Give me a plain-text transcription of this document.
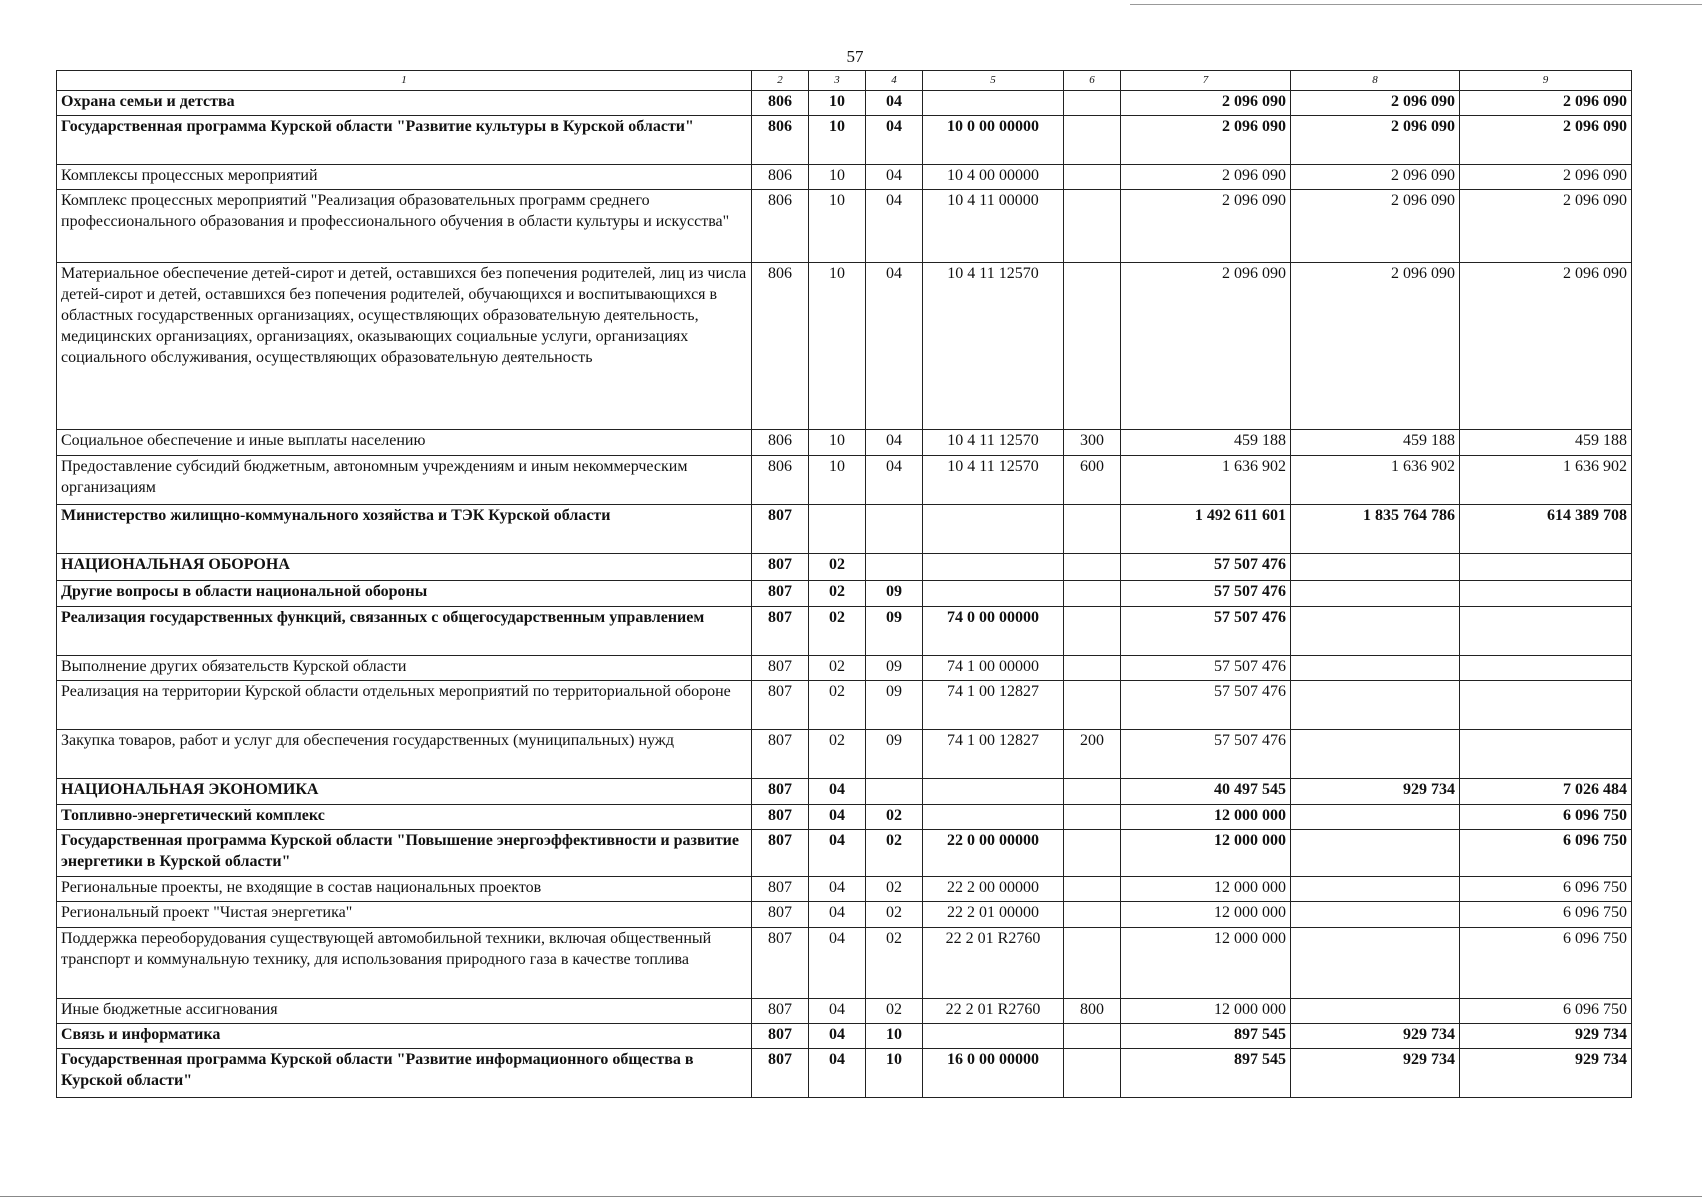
57
1	2	3	4	5	6	7	8	9
Охрана семьи и детства	806	10	04			2 096 090	2 096 090	2 096 090
Государственная программа Курской области "Развитие культуры в Курской области"	806	10	04	10 0 00 00000		2 096 090	2 096 090	2 096 090
Комплексы процессных мероприятий	806	10	04	10 4 00 00000		2 096 090	2 096 090	2 096 090
Комплекс процессных мероприятий "Реализация образовательных программ среднего профессионального образования и профессионального обучения в области культуры и искусства"	806	10	04	10 4 11 00000		2 096 090	2 096 090	2 096 090
Материальное обеспечение детей-сирот и детей, оставшихся без попечения родителей, лиц из числа детей-сирот и детей, оставшихся без попечения родителей, обучающихся и воспитывающихся в областных государственных организациях, осуществляющих образовательную деятельность, медицинских организациях, организациях, оказывающих социальные услуги, организациях социального обслуживания, осуществляющих образовательную деятельность	806	10	04	10 4 11 12570		2 096 090	2 096 090	2 096 090
Социальное обеспечение и иные выплаты населению	806	10	04	10 4 11 12570	300	459 188	459 188	459 188
Предоставление субсидий бюджетным, автономным учреждениям и иным некоммерческим организациям	806	10	04	10 4 11 12570	600	1 636 902	1 636 902	1 636 902
Министерство жилищно-коммунального хозяйства и ТЭК Курской области	807					1 492 611 601	1 835 764 786	614 389 708
НАЦИОНАЛЬНАЯ ОБОРОНА	807	02				57 507 476		
Другие вопросы в области национальной обороны	807	02	09			57 507 476		
Реализация государственных функций, связанных с общегосударственным управлением	807	02	09	74 0 00 00000		57 507 476		
Выполнение других обязательств Курской области	807	02	09	74 1 00 00000		57 507 476		
Реализация на территории Курской области отдельных мероприятий по территориальной обороне	807	02	09	74 1 00 12827		57 507 476		
Закупка товаров, работ и услуг для обеспечения государственных (муниципальных) нужд	807	02	09	74 1 00 12827	200	57 507 476		
НАЦИОНАЛЬНАЯ ЭКОНОМИКА	807	04				40 497 545	929 734	7 026 484
Топливно-энергетический комплекс	807	04	02			12 000 000		6 096 750
Государственная программа Курской области "Повышение энергоэффективности и развитие энергетики в Курской области"	807	04	02	22 0 00 00000		12 000 000		6 096 750
Региональные проекты, не входящие в состав национальных проектов	807	04	02	22 2 00 00000		12 000 000		6 096 750
Региональный проект "Чистая энергетика"	807	04	02	22 2 01 00000		12 000 000		6 096 750
Поддержка переоборудования существующей автомобильной техники, включая общественный транспорт и коммунальную технику, для использования природного газа в качестве топлива	807	04	02	22 2 01 R2760		12 000 000		6 096 750
Иные бюджетные ассигнования	807	04	02	22 2 01 R2760	800	12 000 000		6 096 750
Связь и информатика	807	04	10			897 545	929 734	929 734
Государственная программа Курской области "Развитие информационного общества в Курской области"	807	04	10	16 0 00 00000		897 545	929 734	929 734
